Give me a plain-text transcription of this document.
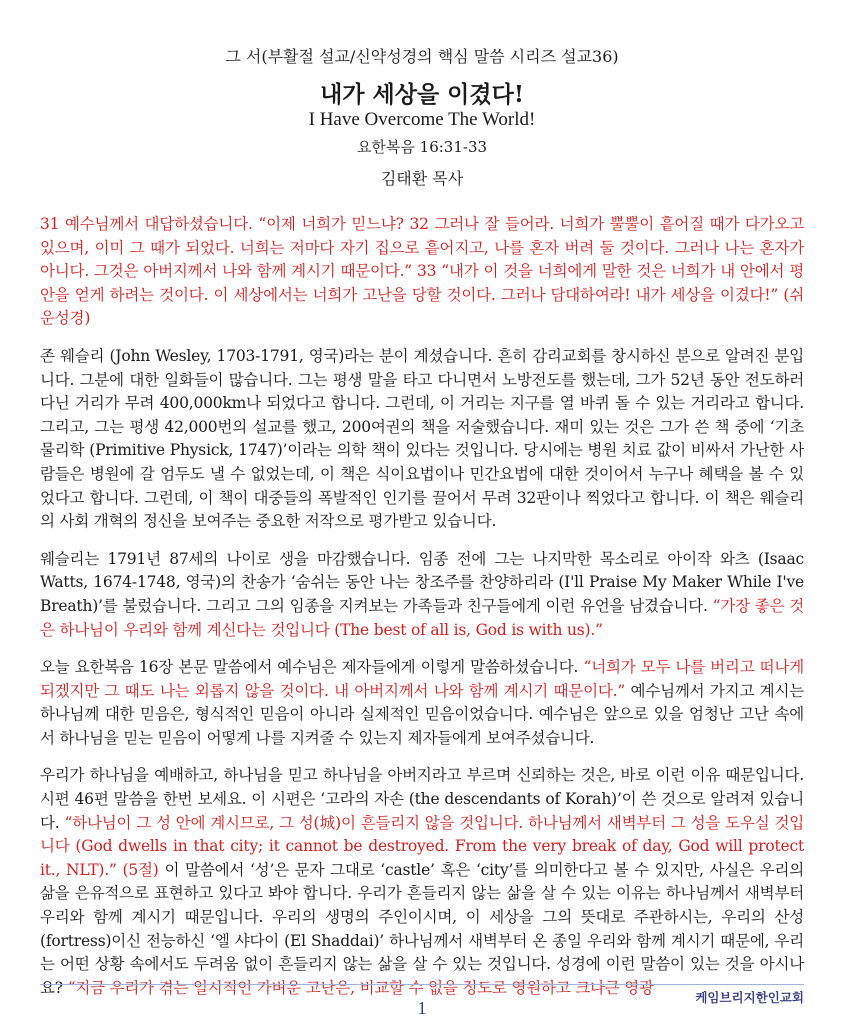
그 서(부활절 설교/신약성경의 핵심 말씀 시리즈 설교36)
내가 세상을 이겼다!
I Have Overcome The World!
요한복음 16:31-33
김태환 목사

31 예수님께서 대답하셨습니다. “이제 너희가 믿느냐? 32 그러나 잘 들어라. 너희가 뿔뿔이 흩어질 때가 다가오고 있으며, 이미 그 때가 되었다. 너희는 저마다 자기 집으로 흩어지고, 나를 혼자 버려 둘 것이다. 그러나 나는 혼자가 아니다. 그것은 아버지께서 나와 함께 계시기 때문이다.” 33 “내가 이 것을 너희에게 말한 것은 너희가 내 안에서 평안을 얻게 하려는 것이다. 이 세상에서는 너희가 고난을 당할 것이다. 그러나 담대하여라! 내가 세상을 이겼다!” (쉬운성경)

존 웨슬리 (John Wesley, 1703-1791, 영국)라는 분이 계셨습니다. 흔히 감리교회를 창시하신 분으로 알려진 분입니다. 그분에 대한 일화들이 많습니다. 그는 평생 말을 타고 다니면서 노방전도를 했는데, 그가 52년 동안 전도하러 다닌 거리가 무려 400,000km나 되었다고 합니다. 그런데, 이 거리는 지구를 열 바퀴 돌 수 있는 거리라고 합니다. 그리고, 그는 평생 42,000번의 설교를 했고, 200여권의 책을 저술했습니다. 재미 있는 것은 그가 쓴 책 중에 ‘기초 물리학 (Primitive Physick, 1747)’이라는 의학 책이 있다는 것입니다. 당시에는 병원 치료 값이 비싸서 가난한 사람들은 병원에 갈 엄두도 낼 수 없었는데, 이 책은 식이요법이나 민간요법에 대한 것이어서 누구나 혜택을 볼 수 있었다고 합니다. 그런데, 이 책이 대중들의 폭발적인 인기를 끌어서 무려 32판이나 찍었다고 합니다. 이 책은 웨슬리의 사회 개혁의 정신을 보여주는 중요한 저작으로 평가받고 있습니다.

웨슬리는 1791년 87세의 나이로 생을 마감했습니다. 임종 전에 그는 나지막한 목소리로 아이작 와츠 (Isaac Watts, 1674-1748, 영국)의 찬송가 ‘숨쉬는 동안 나는 창조주를 찬양하리라 (I'll Praise My Maker While I've Breath)’를 불렀습니다. 그리고 그의 임종을 지켜보는 가족들과 친구들에게 이런 유언을 남겼습니다. “가장 좋은 것은 하나님이 우리와 함께 계신다는 것입니다 (The best of all is, God is with us).”

오늘 요한복음 16장 본문 말씀에서 예수님은 제자들에게 이렇게 말씀하셨습니다. “너희가 모두 나를 버리고 떠나게 되겠지만 그 때도 나는 외롭지 않을 것이다. 내 아버지께서 나와 함께 계시기 때문이다.” 예수님께서 가지고 계시는 하나님께 대한 믿음은, 형식적인 믿음이 아니라 실제적인 믿음이었습니다. 예수님은 앞으로 있을 엄청난 고난 속에서 하나님을 믿는 믿음이 어떻게 나를 지켜줄 수 있는지 제자들에게 보여주셨습니다.

우리가 하나님을 예배하고, 하나님을 믿고 하나님을 아버지라고 부르며 신뢰하는 것은, 바로 이런 이유 때문입니다. 시편 46편 말씀을 한번 보세요. 이 시편은 ‘고라의 자손 (the descendants of Korah)’이 쓴 것으로 알려져 있습니다. “하나님이 그 성 안에 계시므로, 그 성(城)이 흔들리지 않을 것입니다. 하나님께서 새벽부터 그 성을 도우실 것입니다 (God dwells in that city; it cannot be destroyed. From the very break of day, God will protect it., NLT).” (5절) 이 말씀에서 ‘성’은 문자 그대로 ‘castle’ 혹은 ‘city’를 의미한다고 볼 수 있지만, 사실은 우리의 삶을 은유적으로 표현하고 있다고 봐야 합니다. 우리가 흔들리지 않는 삶을 살 수 있는 이유는 하나님께서 새벽부터 우리와 함께 계시기 때문입니다. 우리의 생명의 주인이시며, 이 세상을 그의 뜻대로 주관하시는, 우리의 산성 (fortress)이신 전능하신 ‘엘 샤다이 (El Shaddai)’ 하나님께서 새벽부터 온 종일 우리와 함께 계시기 때문에, 우리는 어떤 상황 속에서도 두려움 없이 흔들리지 않는 삶을 살 수 있는 것입니다. 성경에 이런 말씀이 있는 것을 아시나요? “지금 우리가 겪는 일시적인 가벼운 고난은, 비교할 수 없을 정도로 영원하고 크나큰 영광

케임브리지한인교회
1
